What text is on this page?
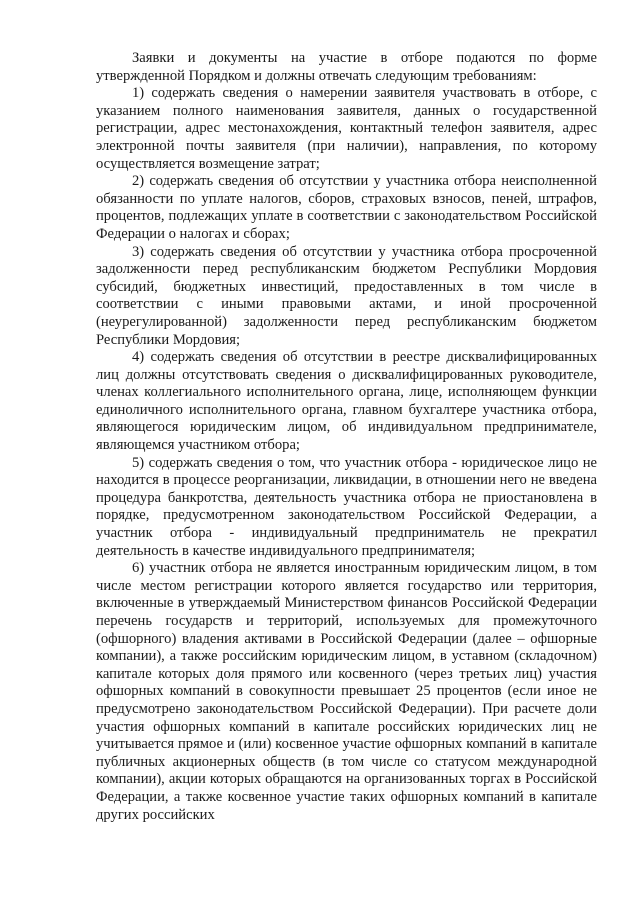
Заявки и документы на участие в отборе подаются по форме утвержденной Порядком и должны отвечать следующим требованиям:

1) содержать сведения о намерении заявителя участвовать в отборе, с указанием полного наименования заявителя, данных о государственной регистрации, адрес местонахождения, контактный телефон заявителя, адрес электронной почты заявителя (при наличии), направления, по которому осуществляется возмещение затрат;

2) содержать сведения об отсутствии у участника отбора неисполненной обязанности по уплате налогов, сборов, страховых взносов, пеней, штрафов, процентов, подлежащих уплате в соответствии с законодательством Российской Федерации о налогах и сборах;

3) содержать сведения об отсутствии у участника отбора просроченной задолженности перед республиканским бюджетом Республики Мордовия субсидий, бюджетных инвестиций, предоставленных в том числе в соответствии с иными правовыми актами, и иной просроченной (неурегулированной) задолженности перед республиканским бюджетом Республики Мордовия;

4) содержать сведения об отсутствии в реестре дисквалифицированных лиц должны отсутствовать сведения о дисквалифицированных руководителе, членах коллегиального исполнительного органа, лице, исполняющем функции единоличного исполнительного органа, главном бухгалтере участника отбора, являющегося юридическим лицом, об индивидуальном предпринимателе, являющемся участником отбора;

5) содержать сведения о том, что участник отбора - юридическое лицо не находится в процессе реорганизации, ликвидации, в отношении него не введена процедура банкротства, деятельность участника отбора не приостановлена в порядке, предусмотренном законодательством Российской Федерации, а участник отбора - индивидуальный предприниматель не прекратил деятельность в качестве индивидуального предпринимателя;

6) участник отбора не является иностранным юридическим лицом, в том числе местом регистрации которого является государство или территория, включенные в утверждаемый Министерством финансов Российской Федерации перечень государств и территорий, используемых для промежуточного (офшорного) владения активами в Российской Федерации (далее – офшорные компании), а также российским юридическим лицом, в уставном (складочном) капитале которых доля прямого или косвенного (через третьих лиц) участия офшорных компаний в совокупности превышает 25 процентов (если иное не предусмотрено законодательством Российской Федерации). При расчете доли участия офшорных компаний в капитале российских юридических лиц не учитывается прямое и (или) косвенное участие офшорных компаний в капитале публичных акционерных обществ (в том числе со статусом международной компании), акции которых обращаются на организованных торгах в Российской Федерации, а также косвенное участие таких офшорных компаний в капитале других российских
